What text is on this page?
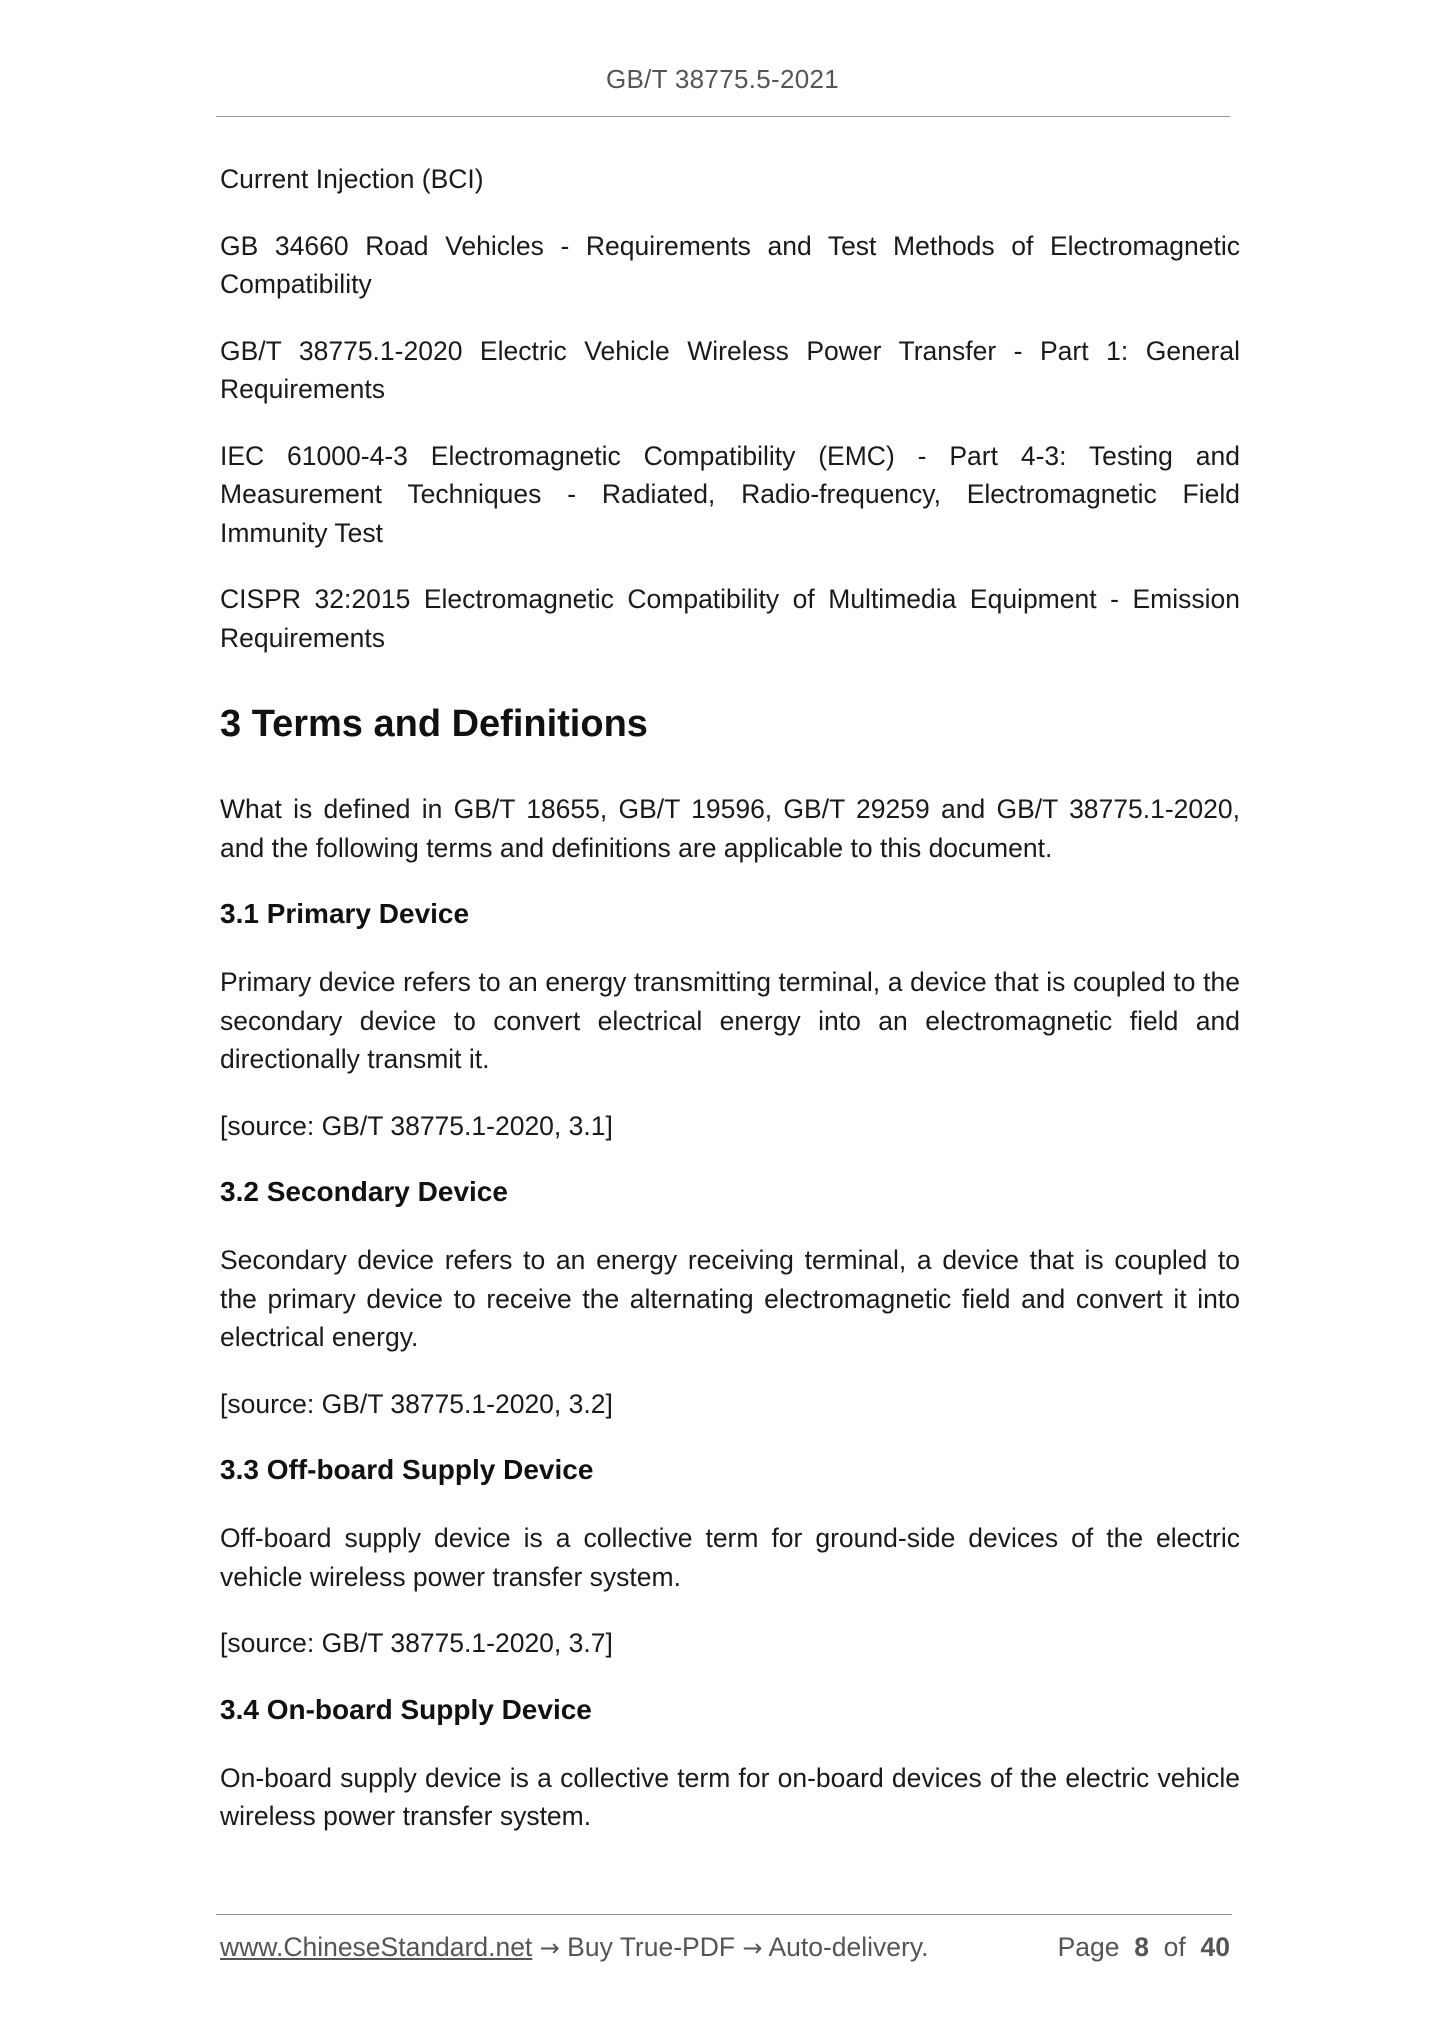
GB/T 38775.5-2021

Current Injection (BCI)

GB 34660 Road Vehicles - Requirements and Test Methods of Electromagnetic Compatibility

GB/T 38775.1-2020 Electric Vehicle Wireless Power Transfer - Part 1: General Requirements

IEC 61000-4-3 Electromagnetic Compatibility (EMC) - Part 4-3: Testing and Measurement Techniques - Radiated, Radio-frequency, Electromagnetic Field Immunity Test

CISPR 32:2015 Electromagnetic Compatibility of Multimedia Equipment - Emission Requirements

3 Terms and Definitions

What is defined in GB/T 18655, GB/T 19596, GB/T 29259 and GB/T 38775.1-2020, and the following terms and definitions are applicable to this document.

3.1 Primary Device

Primary device refers to an energy transmitting terminal, a device that is coupled to the secondary device to convert electrical energy into an electromagnetic field and directionally transmit it.

[source: GB/T 38775.1-2020, 3.1]

3.2 Secondary Device

Secondary device refers to an energy receiving terminal, a device that is coupled to the primary device to receive the alternating electromagnetic field and convert it into electrical energy.

[source: GB/T 38775.1-2020, 3.2]

3.3 Off-board Supply Device

Off-board supply device is a collective term for ground-side devices of the electric vehicle wireless power transfer system.

[source: GB/T 38775.1-2020, 3.7]

3.4 On-board Supply Device

On-board supply device is a collective term for on-board devices of the electric vehicle wireless power transfer system.

www.ChineseStandard.net → Buy True-PDF → Auto-delivery.	Page 8 of 40
